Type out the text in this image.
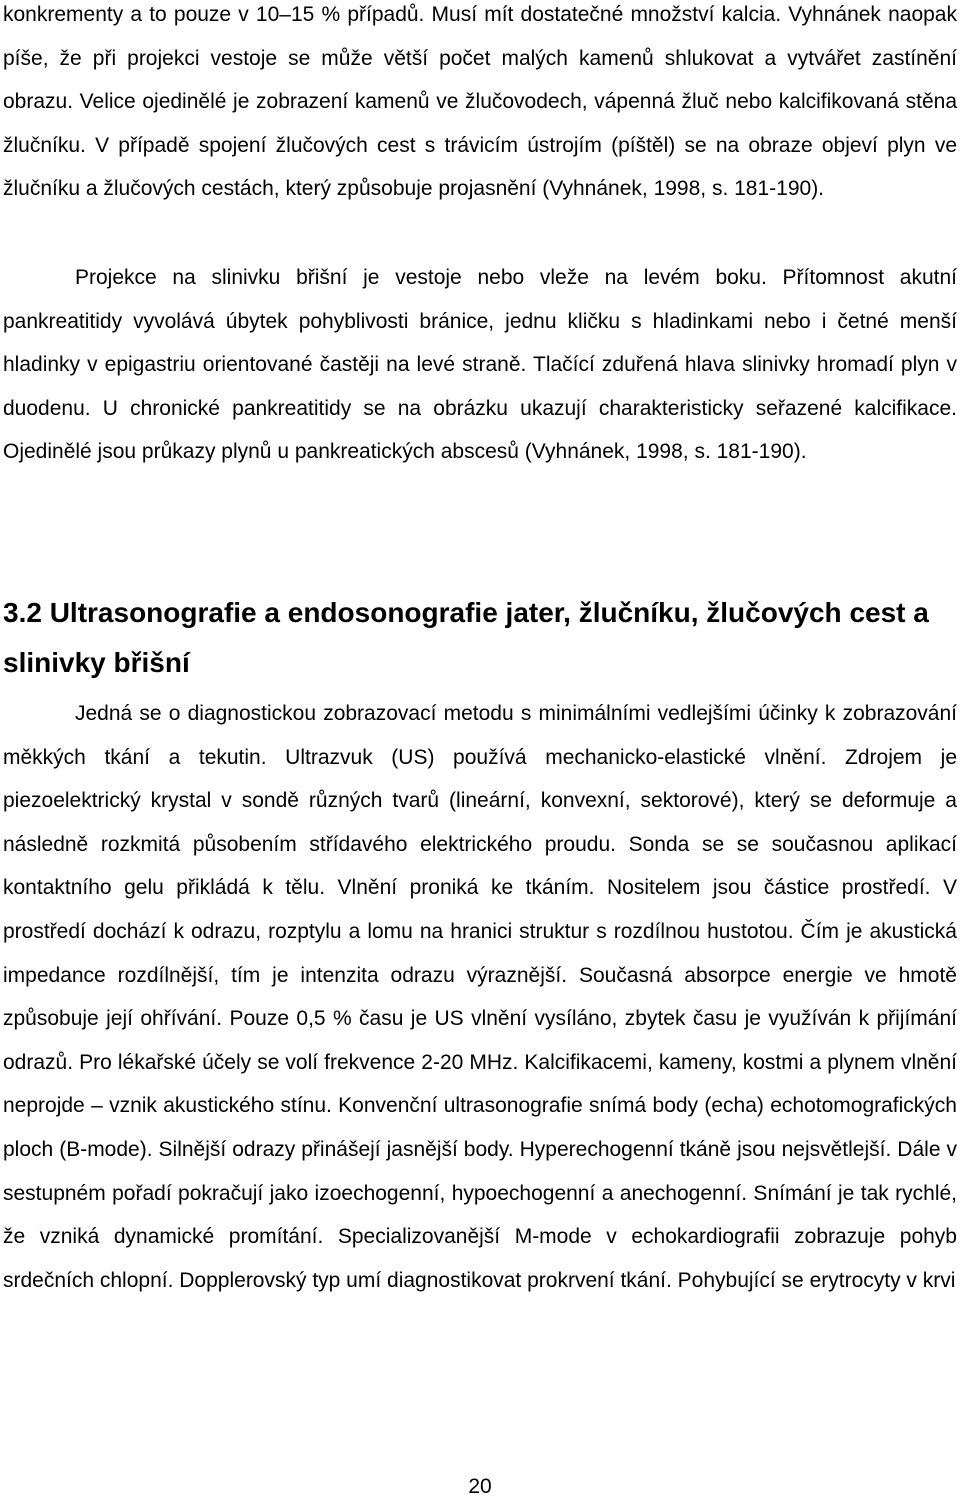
konkrementy a to pouze v 10–15 % případů. Musí mít dostatečné množství kalcia. Vyhnánek naopak píše, že při projekci vestoje se může větší počet malých kamenů shlukovat a vytvářet zastínění obrazu. Velice ojedinělé je zobrazení kamenů ve žlučovodech, vápenná žluč nebo kalcifikovaná stěna žlučníku. V případě spojení žlučových cest s trávicím ústrojím (píštěl) se na obraze objeví plyn ve žlučníku a žlučových cestách, který způsobuje projasnění (Vyhnánek, 1998, s. 181-190).

Projekce na slinivku břišní je vestoje nebo vleže na levém boku. Přítomnost akutní pankreatitidy vyvolává úbytek pohyblivosti bránice, jednu kličku s hladinkami nebo i četné menší hladinky v epigastriu orientované častěji na levé straně. Tlačící zduřená hlava slinivky hromadí plyn v duodenu. U chronické pankreatitidy se na obrázku ukazují charakteristicky seřazené kalcifikace. Ojedinělé jsou průkazy plynů u pankreatických abscesů (Vyhnánek, 1998, s. 181-190).

3.2 Ultrasonografie a endosonografie jater, žlučníku, žlučových cest a slinivky břišní

Jedná se o diagnostickou zobrazovací metodu s minimálními vedlejšími účinky k zobrazování měkkých tkání a tekutin. Ultrazvuk (US) používá mechanicko-elastické vlnění. Zdrojem je piezoelektrický krystal v sondě různých tvarů (lineární, konvexní, sektorové), který se deformuje a následně rozkmitá působením střídavého elektrického proudu. Sonda se se současnou aplikací kontaktního gelu přikládá k tělu. Vlnění proniká ke tkáním. Nositelem jsou částice prostředí. V prostředí dochází k odrazu, rozptylu a lomu na hranici struktur s rozdílnou hustotou. Čím je akustická impedance rozdílnější, tím je intenzita odrazu výraznější. Současná absorpce energie ve hmotě způsobuje její ohřívání. Pouze 0,5 % času je US vlnění vysíláno, zbytek času je využíván k přijímání odrazů. Pro lékařské účely se volí frekvence 2-20 MHz. Kalcifikacemi, kameny, kostmi a plynem vlnění neprojde – vznik akustického stínu. Konvenční ultrasonografie snímá body (echa) echotomografických ploch (B-mode). Silnější odrazy přinášejí jasnější body. Hyperechogenní tkáně jsou nejsvětlejší. Dále v sestupném pořadí pokračují jako izoechogenní, hypoechogenní a anechogenní. Snímání je tak rychlé, že vzniká dynamické promítání. Specializovanější M-mode v echokardiografii zobrazuje pohyb srdečních chlopní. Dopplerovský typ umí diagnostikovat prokrvení tkání. Pohybující se erytrocyty v krvi

20
